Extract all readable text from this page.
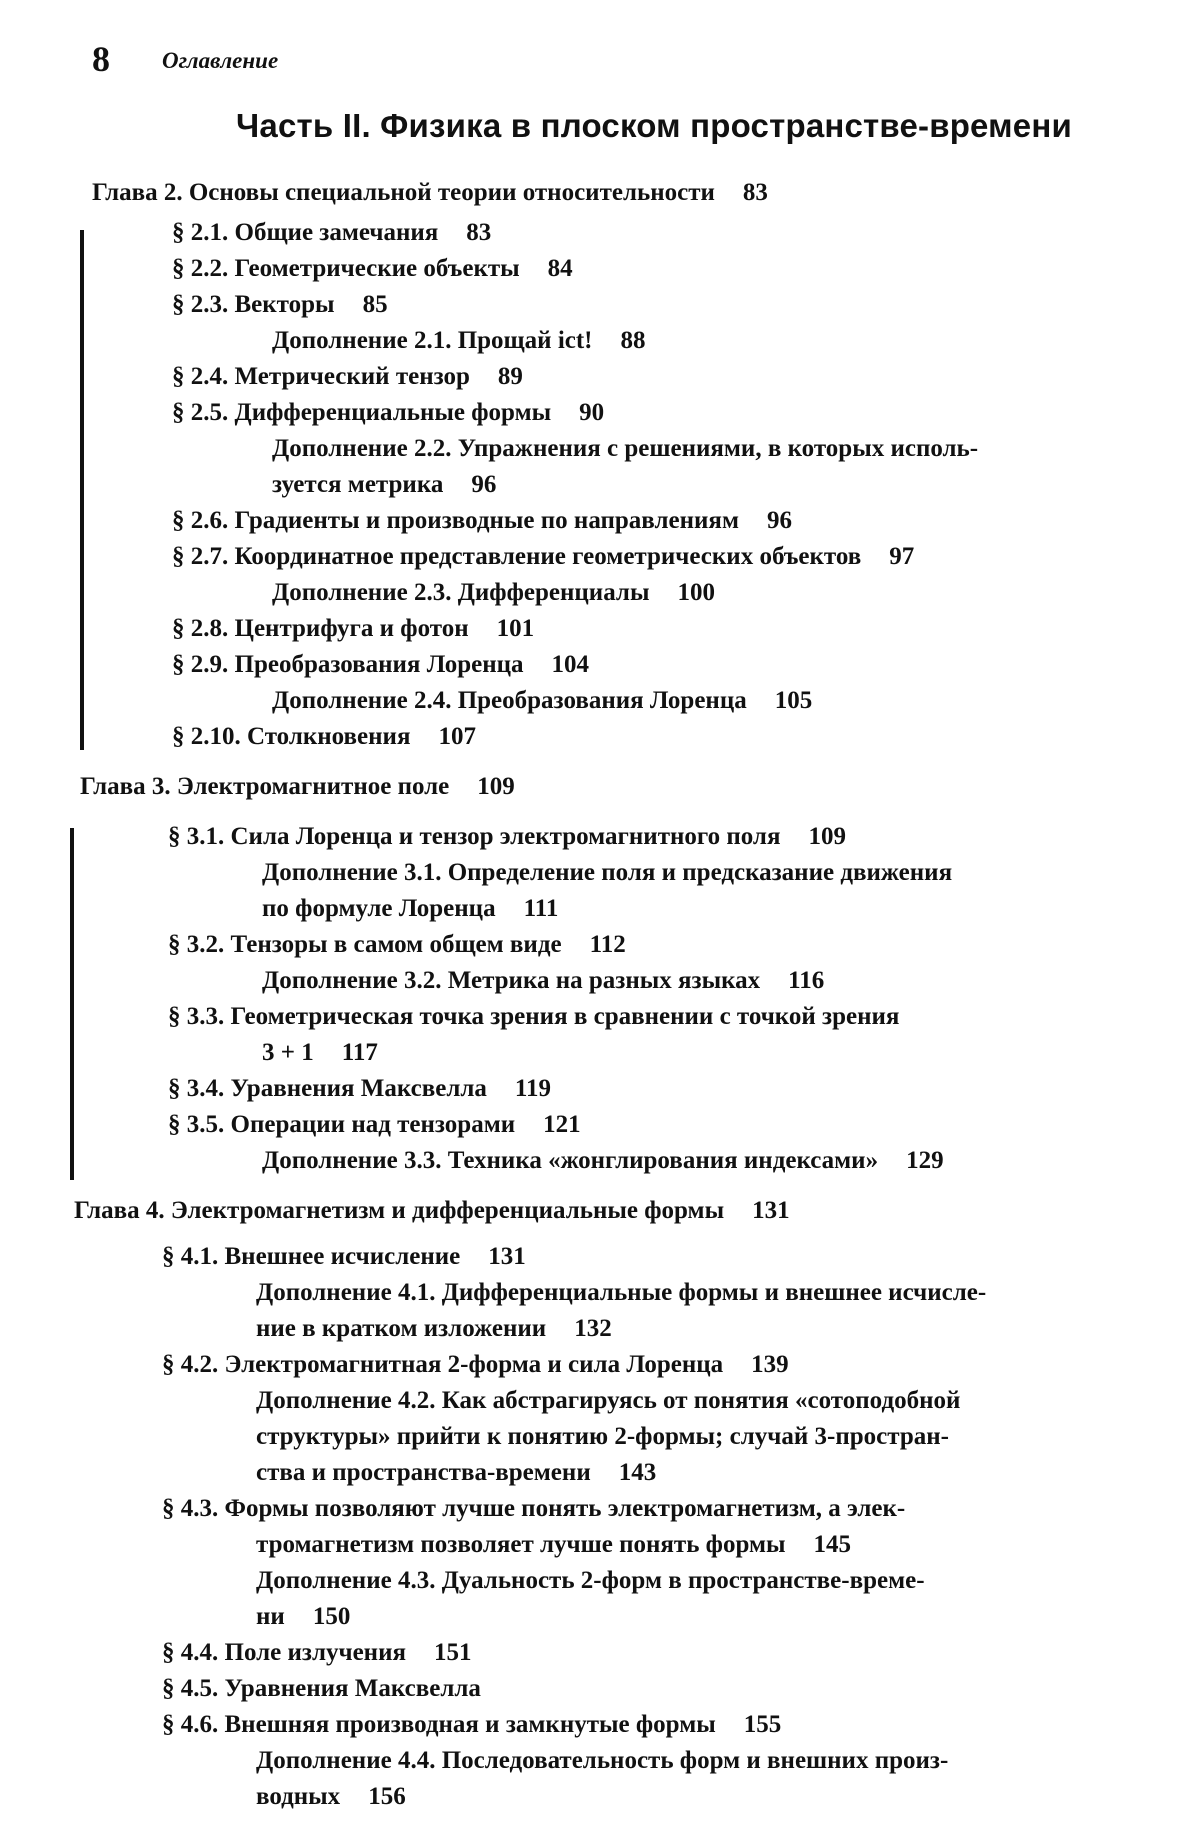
8 Оглавление
Часть II. Физика в плоском пространстве-времени
Глава 2. Основы специальной теории относительности 83
§ 2.1. Общие замечания 83
§ 2.2. Геометрические объекты 84
§ 2.3. Векторы 85
Дополнение 2.1. Прощай ict! 88
§ 2.4. Метрический тензор 89
§ 2.5. Дифференциальные формы 90
Дополнение 2.2. Упражнения с решениями, в которых исполь-
зуется метрика 96
§ 2.6. Градиенты и производные по направлениям 96
§ 2.7. Координатное представление геометрических объектов 97
Дополнение 2.3. Дифференциалы 100
§ 2.8. Центрифуга и фотон 101
§ 2.9. Преобразования Лоренца 104
Дополнение 2.4. Преобразования Лоренца 105
§ 2.10. Столкновения 107
Глава 3. Электромагнитное поле 109
§ 3.1. Сила Лоренца и тензор электромагнитного поля 109
Дополнение 3.1. Определение поля и предсказание движения
по формуле Лоренца 111
§ 3.2. Тензоры в самом общем виде 112
Дополнение 3.2. Метрика на разных языках 116
§ 3.3. Геометрическая точка зрения в сравнении с точкой зрения
3 + 1 117
§ 3.4. Уравнения Максвелла 119
§ 3.5. Операции над тензорами 121
Дополнение 3.3. Техника «жонглирования индексами» 129
Глава 4. Электромагнетизм и дифференциальные формы 131
§ 4.1. Внешнее исчисление 131
Дополнение 4.1. Дифференциальные формы и внешнее исчисле-
ние в кратком изложении 132
§ 4.2. Электромагнитная 2-форма и сила Лоренца 139
Дополнение 4.2. Как абстрагируясь от понятия «сотоподобной
структуры» прийти к понятию 2-формы; случай 3-простран-
ства и пространства-времени 143
§ 4.3. Формы позволяют лучше понять электромагнетизм, а элек-
тромагнетизм позволяет лучше понять формы 145
Дополнение 4.3. Дуальность 2-форм в пространстве-време-
ни 150
§ 4.4. Поле излучения 151
§ 4.5. Уравнения Максвелла
§ 4.6. Внешняя производная и замкнутые формы 155
Дополнение 4.4. Последовательность форм и внешних произ-
водных 156
